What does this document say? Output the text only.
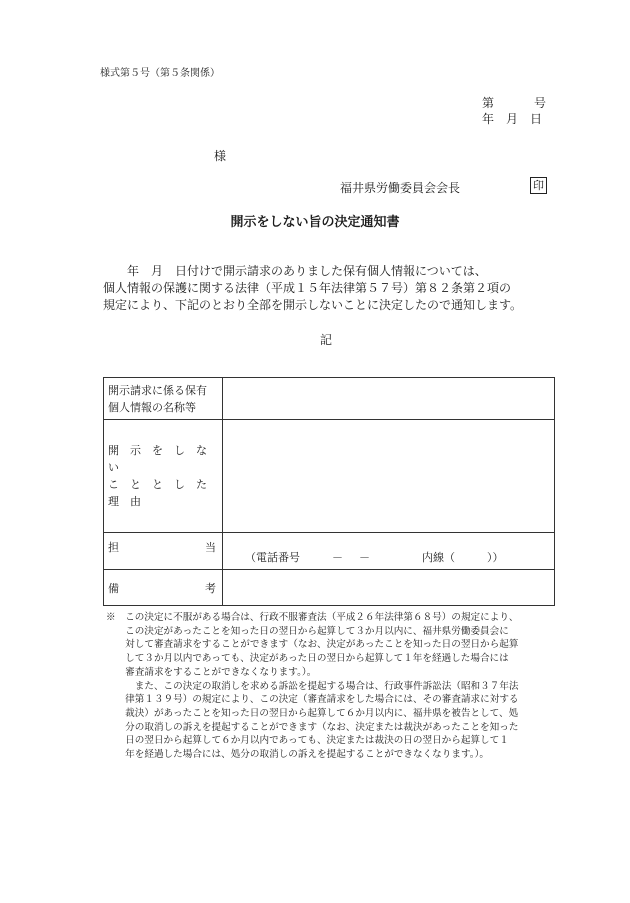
様式第５号（第５条関係）
第	号
年 月 日
様
福井県労働委員会会長	印
開示をしない旨の決定通知書
　　年　月　日付けで開示請求のありました保有個人情報については、
個人情報の保護に関する法律（平成１５年法律第５７号）第８２条第２項の
規定により、下記のとおり全部を開示しないことに決定したので通知します。
記
開示請求に係る保有
個人情報の名称等	

開　示　を　し　な　い
こ　と　と　し　た　理　由	

担 当	（電話番号 － － 内線（ ））

備 考	

※　この決定に不服がある場合は、行政不服審査法（平成２６年法律第６８号）の規定により、

　　この決定があったことを知った日の翌日から起算して３か月以内に、福井県労働委員会に

　　対して審査請求をすることができます（なお、決定があったことを知った日の翌日から起算

　　して３か月以内であっても、決定があった日の翌日から起算して１年を経過した場合には

　　審査請求をすることができなくなります。）。

　　　また、この決定の取消しを求める訴訟を提起する場合は、行政事件訴訟法（昭和３７年法

　　律第１３９号）の規定により、この決定（審査請求をした場合には、その審査請求に対する

　　裁決）があったことを知った日の翌日から起算して６か月以内に、福井県を被告として、処

　　分の取消しの訴えを提起することができます（なお、決定または裁決があったことを知った

　　日の翌日から起算して６か月以内であっても、決定または裁決の日の翌日から起算して１

　　年を経過した場合には、処分の取消しの訴えを提起することができなくなります。）。
